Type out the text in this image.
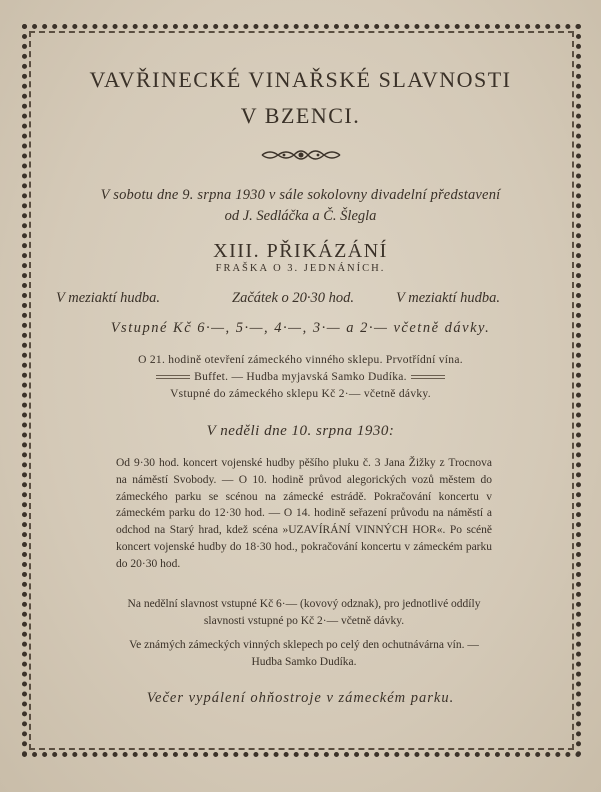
VAVŘINECKÉ VINAŘSKÉ SLAVNOSTI
V BZENCI.
V sobotu dne 9. srpna 1930 v sále sokolovny divadelní představení
od J. Sedláčka a Č. Šlegla
XIII. PŘIKÁZÁNÍ
FRAŠKA O 3. JEDNÁNÍCH.
V meziaktí hudba.	Začátek o 20·30 hod.	V meziaktí hudba.
Vstupné Kč 6·—, 5·—, 4·—, 3·— a 2·— včetně dávky.
O 21. hodině otevření zámeckého vinného sklepu. Prvotřídní vína.
Buffet. — Hudba myjavská Samko Dudíka.
Vstupné do zámeckého sklepu Kč 2·— včetně dávky.
V neděli dne 10. srpna 1930:
Od 9·30 hod. koncert vojenské hudby pěšího pluku č. 3 Jana Žižky z Trocnova na náměstí Svobody. — O 10. hodině průvod alegorických vozů městem do zámeckého parku se scénou na zámecké estrádě. Pokračování koncertu v zámeckém parku do 12·30 hod. — O 14. hodině seřazení průvodu na náměstí a odchod na Starý hrad, kdež scéna »UZAVÍRÁNÍ VINNÝCH HOR«. Po scéně koncert vojenské hudby do 18·30 hod., pokračování koncertu v zámeckém parku do 20·30 hod.
Na nedělní slavnost vstupné Kč 6·— (kovový odznak), pro jednotlivé oddíly slavnosti vstupné po Kč 2·— včetně dávky.
Ve známých zámeckých vinných sklepech po celý den ochutnávárna vín. — Hudba Samko Dudíka.
Večer vypálení ohňostroje v zámeckém parku.
